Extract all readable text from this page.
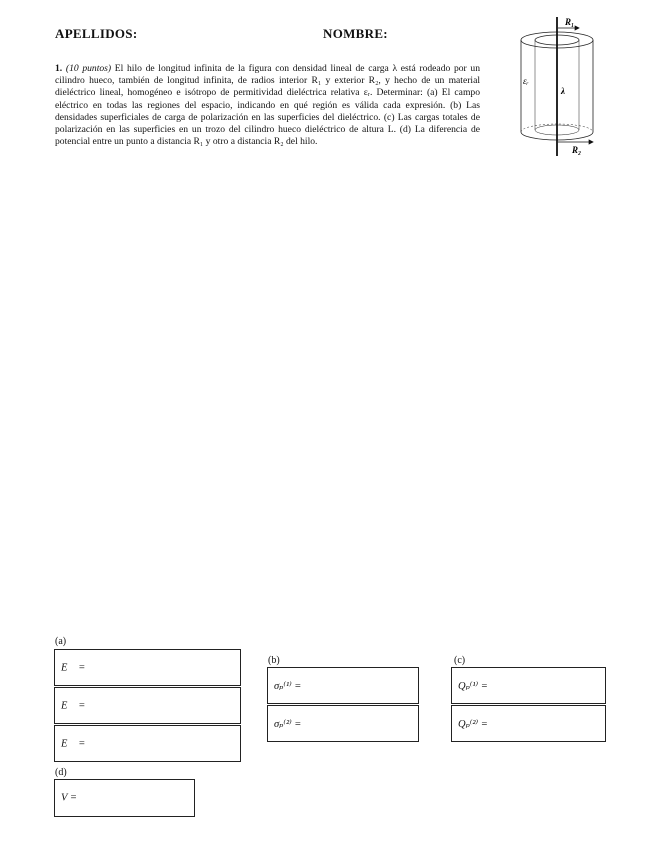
APELLIDOS:	NOMBRE:
1. (10 puntos) El hilo de longitud infinita de la figura con densidad lineal de carga λ está rodeado por un cilindro hueco, también de longitud infinita, de radios interior R₁ y exterior R₂, y hecho de un material dieléctrico lineal, homogéneo e isótropo de permitividad dieléctrica relativa εᵣ. Determinar: (a) El campo eléctrico en todas las regiones del espacio, indicando en qué región es válida cada expresión. (b) Las densidades superficiales de carga de polarización en las superficies del dieléctrico. (c) Las cargas totales de polarización en las superficies en un trozo del cilindro hueco dieléctrico de altura L. (d) La diferencia de potencial entre un punto a distancia R₁ y otro a distancia R₂ del hilo.
R₁
R₂
εᵣ
λ
(a)
E⃗ =
E⃗ =
E⃗ =
(b)
σₚ⁽¹⁾ =
σₚ⁽²⁾ =
(c)
Qₚ⁽¹⁾ =
Qₚ⁽²⁾ =
(d)
V =
